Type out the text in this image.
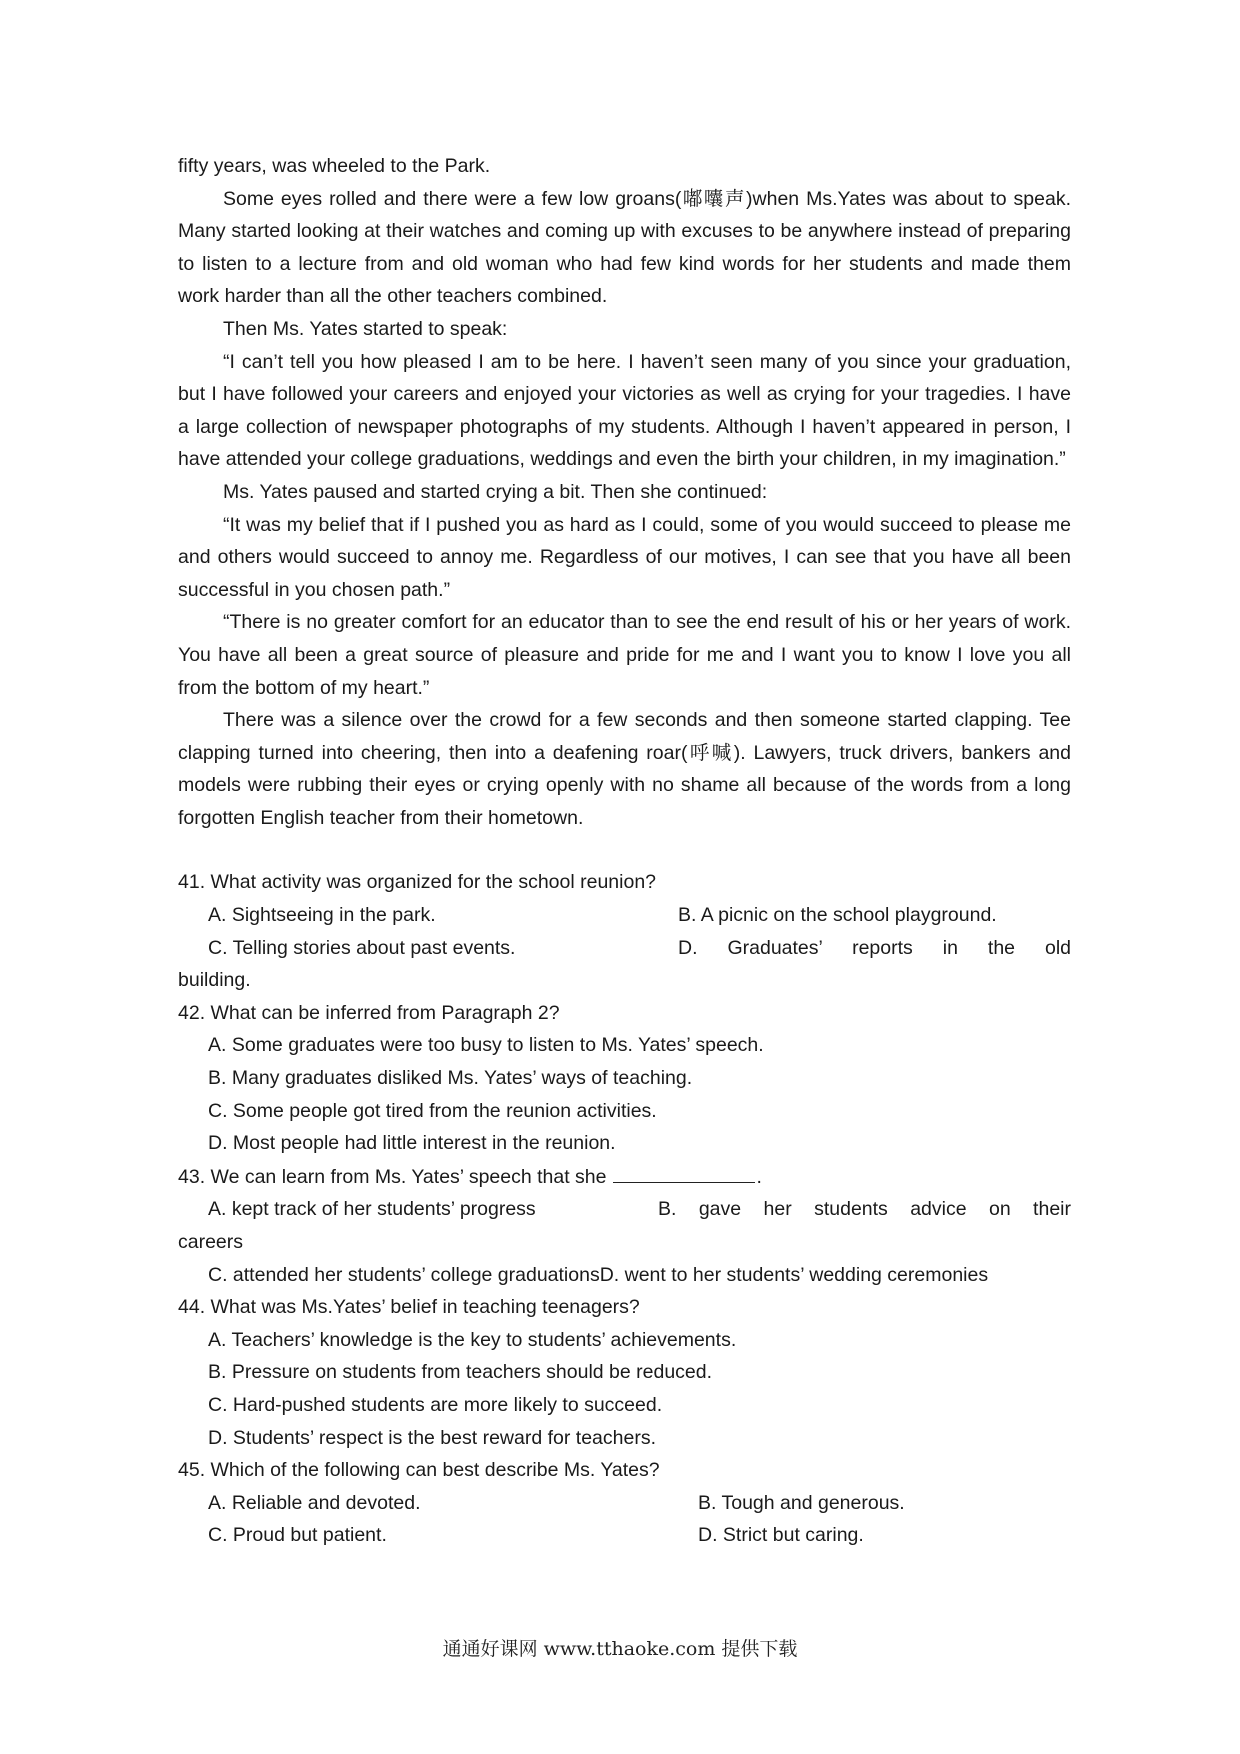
fifty years, was wheeled to the Park.

Some eyes rolled and there were a few low groans(嘟囔声)when Ms.Yates was about to speak. Many started looking at their watches and coming up with excuses to be anywhere instead of preparing to listen to a lecture from and old woman who had few kind words for her students and made them work harder than all the other teachers combined.

Then Ms. Yates started to speak:

“I can’t tell you how pleased I am to be here. I haven’t seen many of you since your graduation, but I have followed your careers and enjoyed your victories as well as crying for your tragedies. I have a large collection of newspaper photographs of my students. Although I haven’t appeared in person, I have attended your college graduations, weddings and even the birth your children, in my imagination.”

Ms. Yates paused and started crying a bit. Then she continued:

“It was my belief that if I pushed you as hard as I could, some of you would succeed to please me and others would succeed to annoy me. Regardless of our motives, I can see that you have all been successful in you chosen path.”

“There is no greater comfort for an educator than to see the end result of his or her years of work. You have all been a great source of pleasure and pride for me and I want you to know I love you all from the bottom of my heart.”

There was a silence over the crowd for a few seconds and then someone started clapping. Tee clapping turned into cheering, then into a deafening roar(呼喊). Lawyers, truck drivers, bankers and models were rubbing their eyes or crying openly with no shame all because of the words from a long forgotten English teacher from their hometown.

41. What activity was organized for the school reunion?

A. Sightseeing in the park.	B. A picnic on the school playground.

C. Telling stories about past events.	D. Graduates’ reports in the old building.

42. What can be inferred from Paragraph 2?

A. Some graduates were too busy to listen to Ms. Yates’ speech.

B. Many graduates disliked Ms. Yates’ ways of teaching.

C. Some people got tired from the reunion activities.

D. Most people had little interest in the reunion.

43. We can learn from Ms. Yates’ speech that she	.

A. kept track of her students’ progress	B. gave her students advice on their careers

C. attended her students’ college graduationsD. went to her students’ wedding ceremonies

44. What was Ms.Yates’ belief in teaching teenagers?

A. Teachers’ knowledge is the key to students’ achievements.

B. Pressure on students from teachers should be reduced.

C. Hard-pushed students are more likely to succeed.

D. Students’ respect is the best reward for teachers.

45. Which of the following can best describe Ms. Yates?

A. Reliable and devoted.	B. Tough and generous.
C. Proud but patient.	D. Strict but caring.
通通好课网 www.tthaoke.com 提供下载
